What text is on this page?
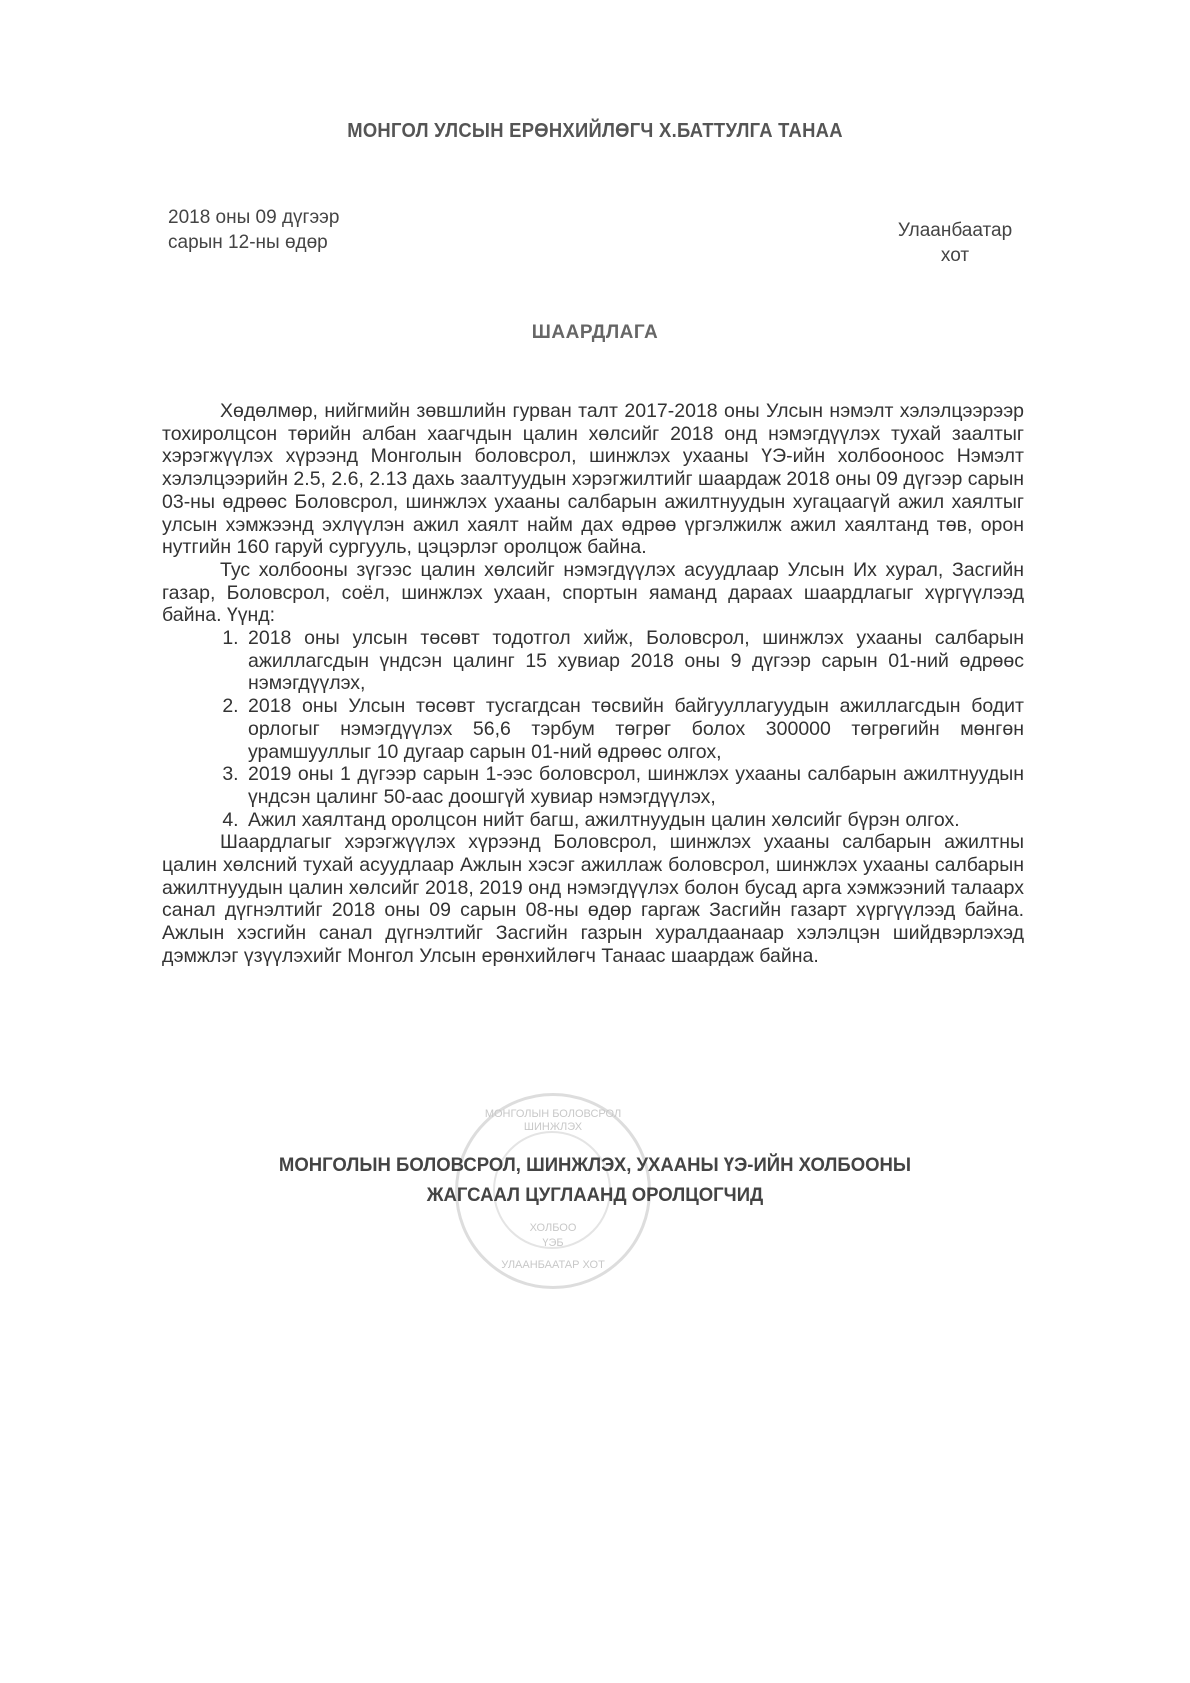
МОНГОЛ УЛСЫН ЕРӨНХИЙЛӨГЧ Х.БАТТУЛГА ТАНАА
2018 оны 09 дүгээр
сарын 12-ны өдөр
Улаанбаатар
хот
ШААРДЛАГА

Хөдөлмөр, нийгмийн зөвшлийн гурван талт 2017-2018 оны Улсын нэмэлт хэлэлцээрээр тохиролцсон төрийн албан хаагчдын цалин хөлсийг 2018 онд нэмэгдүүлэх тухай заалтыг хэрэгжүүлэх хүрээнд Монголын боловсрол, шинжлэх ухааны ҮЭ-ийн холбооноос Нэмэлт хэлэлцээрийн 2.5, 2.6, 2.13 дахь заалтуудын хэрэгжилтийг шаардаж 2018 оны 09 дүгээр сарын 03-ны өдрөөс Боловсрол, шинжлэх ухааны салбарын ажилтнуудын хугацаагүй ажил хаялтыг улсын хэмжээнд эхлүүлэн ажил хаялт найм дах өдрөө үргэлжилж ажил хаялтанд төв, орон нутгийн 160 гаруй сургууль, цэцэрлэг оролцож байна.

Тус холбооны зүгээс цалин хөлсийг нэмэгдүүлэх асуудлаар Улсын Их хурал, Засгийн газар, Боловсрол, соёл, шинжлэх ухаан, спортын яаманд дараах шаардлагыг хүргүүлээд байна. Үүнд:

1. 2018 оны улсын төсөвт тодотгол хийж, Боловсрол, шинжлэх ухааны салбарын ажиллагсдын үндсэн цалинг 15 хувиар 2018 оны 9 дүгээр сарын 01-ний өдрөөс нэмэгдүүлэх,
2. 2018 оны Улсын төсөвт тусгагдсан төсвийн байгууллагуудын ажиллагсдын бодит орлогыг нэмэгдүүлэх 56,6 тэрбум төгрөг болох 300000 төгрөгийн мөнгөн урамшууллыг 10 дугаар сарын 01-ний өдрөөс олгох,
3. 2019 оны 1 дүгээр сарын 1-ээс боловсрол, шинжлэх ухааны салбарын ажилтнуудын үндсэн цалинг 50-аас доошгүй хувиар нэмэгдүүлэх,
4. Ажил хаялтанд оролцсон нийт багш, ажилтнуудын цалин хөлсийг бүрэн олгох.

Шаардлагыг хэрэгжүүлэх хүрээнд Боловсрол, шинжлэх ухааны салбарын ажилтны цалин хөлсний тухай асуудлаар Ажлын хэсэг ажиллаж боловсрол, шинжлэх ухааны салбарын ажилтнуудын цалин хөлсийг 2018, 2019 онд нэмэгдүүлэх болон бусад арга хэмжээний талаарх санал дүгнэлтийг 2018 оны 09 сарын 08-ны өдөр гаргаж Засгийн газарт хүргүүлээд байна. Ажлын хэсгийн санал дүгнэлтийг Засгийн газрын хуралдаанаар хэлэлцэн шийдвэрлэхэд дэмжлэг үзүүлэхийг Монгол Улсын ерөнхийлөгч Танаас шаардаж байна.

МОНГОЛЫН БОЛОВСРОЛ ШИНЖЛЭХ
ХОЛБОО
ҮЭБ
УЛААНБААТАР ХОТ
МОНГОЛЫН БОЛОВСРОЛ, ШИНЖЛЭХ, УХААНЫ ҮЭ-ИЙН ХОЛБООНЫ
ЖАГСААЛ ЦУГЛААНД ОРОЛЦОГЧИД
